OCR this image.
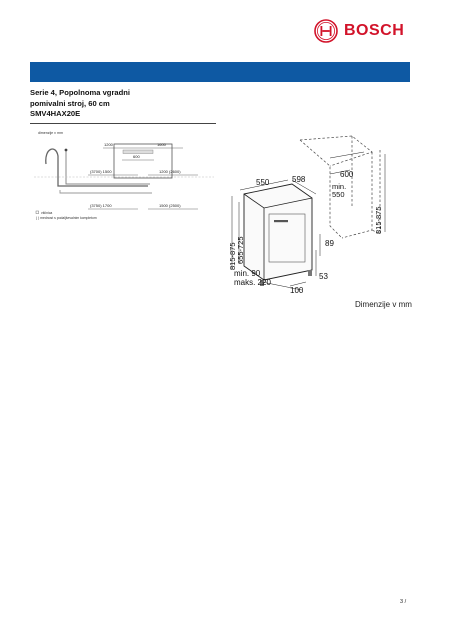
BOSCH
Serie 4, Popolnoma vgradni
pomivalni stroj, 60 cm
SMV4HAX20E
dimenzije v mm
1200	1600
600
(3700) 1500	1200 (2600)
(3750) 1700	1500 (2500)
vtičnica
( ) mednost s podaljševalnim kompletom
550	598
600
min.
550
815-875 655-725
815-875
89
53
min. 90
maks. 220
100
Dimenzije v mm
3 /
